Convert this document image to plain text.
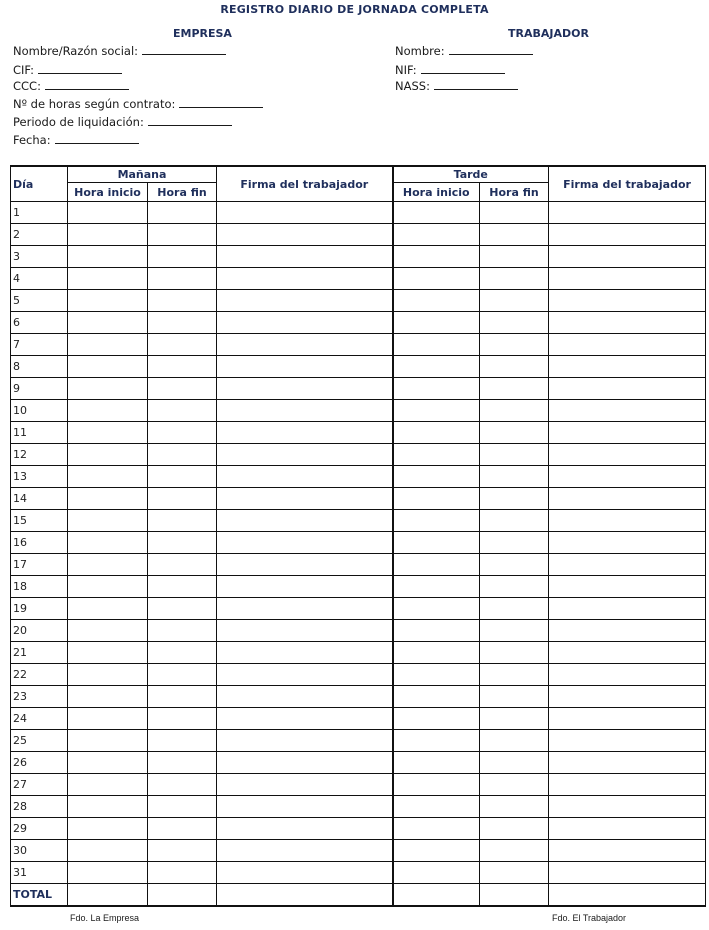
REGISTRO DIARIO DE JORNADA COMPLETA
EMPRESA	TRABAJADOR
Nombre/Razón social:
CIF:
CCC:
Nº de horas según contrato:
Periodo de liquidación:
Fecha:
Nombre:
NIF:
NASS:
Día	Mañana		Firma del trabajador	Tarde		Firma del trabajador
	Hora inicio	Hora fin		Hora inicio	Hora fin	
1						
2						
3						
4						
5						
6						
7						
8						
9						
10						
11						
12						
13						
14						
15						
16						
17						
18						
19						
20						
21						
22						
23						
24						
25						
26						
27						
28						
29						
30						
31						
TOTAL						
Fdo. La Empresa	Fdo. El Trabajador
